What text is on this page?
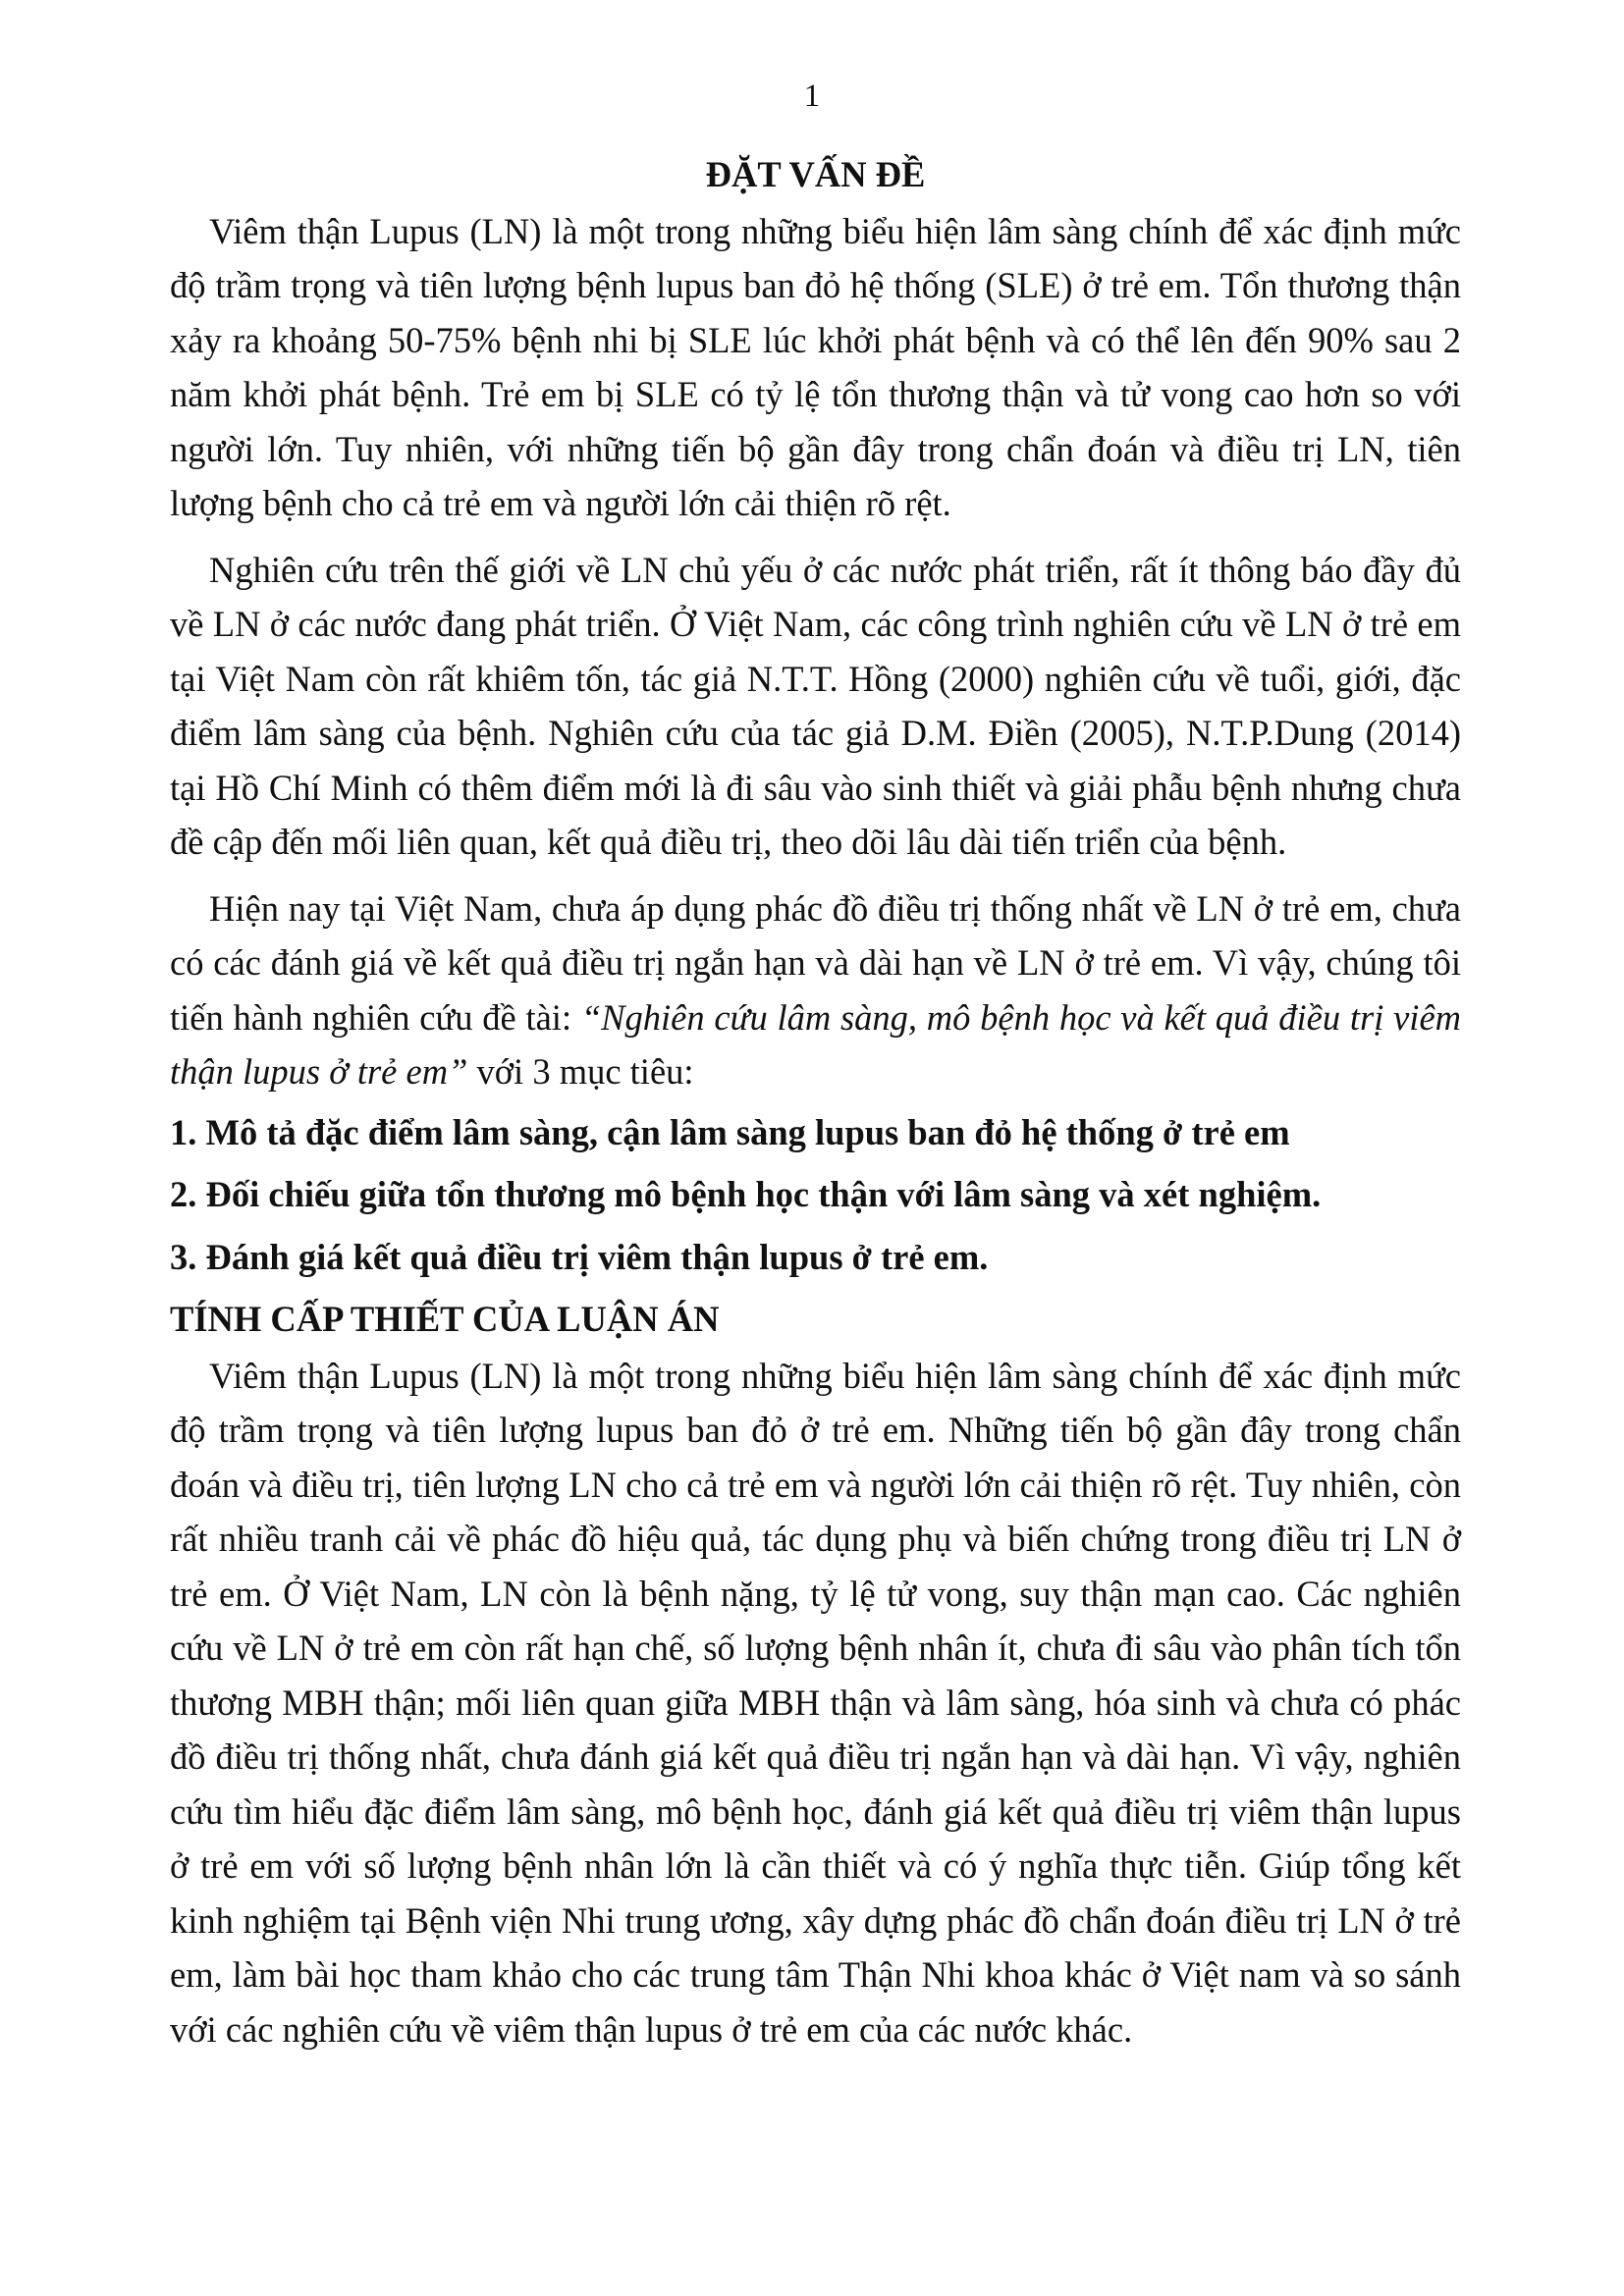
1
ĐẶT VẤN ĐỀ

Viêm thận Lupus (LN) là một trong những biểu hiện lâm sàng chính để xác định mức độ trầm trọng và tiên lượng bệnh lupus ban đỏ hệ thống (SLE) ở trẻ em. Tổn thương thận xảy ra khoảng 50-75% bệnh nhi bị SLE lúc khởi phát bệnh và có thể lên đến 90% sau 2 năm khởi phát bệnh. Trẻ em bị SLE có tỷ lệ tổn thương thận và tử vong cao hơn so với người lớn. Tuy nhiên, với những tiến bộ gần đây trong chẩn đoán và điều trị LN, tiên lượng bệnh cho cả trẻ em và người lớn cải thiện rõ rệt.

Nghiên cứu trên thế giới về LN chủ yếu ở các nước phát triển, rất ít thông báo đầy đủ về LN ở các nước đang phát triển. Ở Việt Nam, các công trình nghiên cứu về LN ở trẻ em tại Việt Nam còn rất khiêm tốn, tác giả N.T.T. Hồng (2000) nghiên cứu về tuổi, giới, đặc điểm lâm sàng của bệnh. Nghiên cứu của tác giả D.M. Điền (2005), N.T.P.Dung (2014) tại Hồ Chí Minh có thêm điểm mới là đi sâu vào sinh thiết và giải phẫu bệnh nhưng chưa đề cập đến mối liên quan, kết quả điều trị, theo dõi lâu dài tiến triển của bệnh.

Hiện nay tại Việt Nam, chưa áp dụng phác đồ điều trị thống nhất về LN ở trẻ em, chưa có các đánh giá về kết quả điều trị ngắn hạn và dài hạn về LN ở trẻ em. Vì vậy, chúng tôi tiến hành nghiên cứu đề tài: “Nghiên cứu lâm sàng, mô bệnh học và kết quả điều trị viêm thận lupus ở trẻ em” với 3 mục tiêu:

1. Mô tả đặc điểm lâm sàng, cận lâm sàng lupus ban đỏ hệ thống ở trẻ em
2. Đối chiếu giữa tổn thương mô bệnh học thận với lâm sàng và xét nghiệm.
3. Đánh giá kết quả điều trị viêm thận lupus ở trẻ em.
TÍNH CẤP THIẾT CỦA LUẬN ÁN

Viêm thận Lupus (LN) là một trong những biểu hiện lâm sàng chính để xác định mức độ trầm trọng và tiên lượng lupus ban đỏ ở trẻ em. Những tiến bộ gần đây trong chẩn đoán và điều trị, tiên lượng LN cho cả trẻ em và người lớn cải thiện rõ rệt. Tuy nhiên, còn rất nhiều tranh cải về phác đồ hiệu quả, tác dụng phụ và biến chứng trong điều trị LN ở trẻ em. Ở Việt Nam, LN còn là bệnh nặng, tỷ lệ tử vong, suy thận mạn cao. Các nghiên cứu về LN ở trẻ em còn rất hạn chế, số lượng bệnh nhân ít, chưa đi sâu vào phân tích tổn thương MBH thận; mối liên quan giữa MBH thận và lâm sàng, hóa sinh và chưa có phác đồ điều trị thống nhất, chưa đánh giá kết quả điều trị ngắn hạn và dài hạn. Vì vậy, nghiên cứu tìm hiểu đặc điểm lâm sàng, mô bệnh học, đánh giá kết quả điều trị viêm thận lupus ở trẻ em với số lượng bệnh nhân lớn là cần thiết và có ý nghĩa thực tiễn. Giúp tổng kết kinh nghiệm tại Bệnh viện Nhi trung ương, xây dựng phác đồ chẩn đoán điều trị LN ở trẻ em, làm bài học tham khảo cho các trung tâm Thận Nhi khoa khác ở Việt nam và so sánh với các nghiên cứu về viêm thận lupus ở trẻ em của các nước khác.
